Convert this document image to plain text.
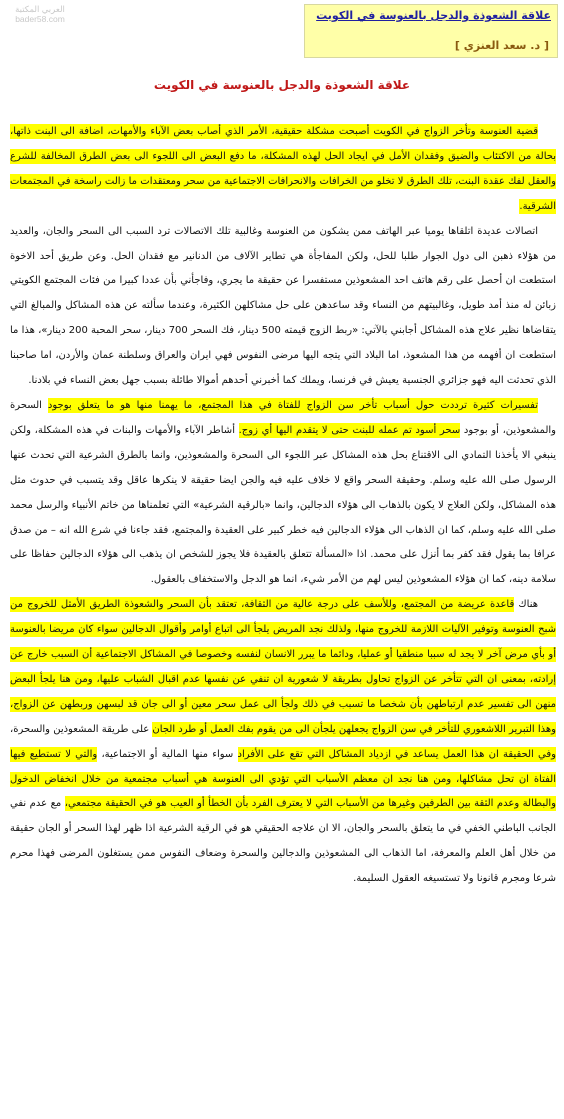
العربي المكتبة
bader58.com	علاقة الشعوذة والدجل بالعنوسة في الكويت
[ د. سعد العنزي ]
علاقة الشعوذة والدجل بالعنوسة في الكويت

قضية العنوسة وتأخر الزواج في الكويت أصبحت مشكلة حقيقية، الأمر الذي أصاب بعض الآباء والأمهات، اضافة الى البنت ذاتها، بحالة من الاكتئاب والضيق وفقدان الأمل في ايجاد الحل لهذه المشكلة، ما دفع البعض الى اللجوء الى بعض الطرق المخالفة للشرع والعقل لفك عقدة البنت، تلك الطرق لا تخلو من الخرافات والانحرافات الاجتماعية من سحر ومعتقدات ما زالت راسخة في المجتمعات الشرقية.

اتصالات عديدة اتلقاها يوميا عبر الهاتف ممن يشكون من العنوسة وغالبية تلك الاتصالات ترد السبب الى السحر والجان، والعديد من هؤلاء ذهبن الى دول الجوار طلبا للحل، ولكن المفاجأة هي تطاير الآلاف من الدنانير مع فقدان الحل. وعن طريق أحد الاخوة استطعت ان أحصل على رقم هاتف احد المشعوذين مستفسرا عن حقيقة ما يجري، وفاجأني بأن عددا كبيرا من فئات المجتمع الكويتي زبائن له منذ أمد طويل، وغالبيتهم من النساء وقد ساعدهن على حل مشاكلهن الكثيرة، وعندما سألته عن هذه المشاكل والمبالغ التي يتقاضاها نظير علاج هذه المشاكل أجابني بالآتي: «ربط الزوج قيمته 500 دينار، فك السحر 700 دينار، سحر المحبة 200 دينار»، هذا ما استطعت ان أفهمه من هذا المشعوذ، اما البلاد التي يتجه اليها مرضى النفوس فهي ايران والعراق وسلطنة عمان والأردن، اما صاحبنا الذي تحدثت اليه فهو جزائري الجنسية يعيش في فرنسا، ويملك كما أخبرني أحدهم أموالا طائلة بسبب جهل بعض النساء في بلادنا.

تفسيرات كثيرة ترددت حول أسباب تأخر سن الزواج للفتاة في هذا المجتمع، ما يهمنا منها هو ما يتعلق بوجود السحرة والمشعوذين، أو بوجود سحر أسود تم عمله للبنت حتى لا يتقدم اليها أي زوج. أشاطر الآباء والأمهات والبنات في هذه المشكلة، ولكن ينبغي الا يأخذنا التمادي الى الاقتناع بحل هذه المشاكل عبر اللجوء الى السحرة والمشعوذين، وانما بالطرق الشرعية التي تحدث عنها الرسول صلى الله عليه وسلم. وحقيقة السحر واقع لا خلاف عليه فيه والجن ايضا حقيقة لا ينكرها عاقل وقد يتسبب في حدوث مثل هذه المشاكل، ولكن العلاج لا يكون بالذهاب الى هؤلاء الدجالين، وانما «بالرقية الشرعية» التي تعلمناها من خاتم الأنبياء والرسل محمد صلى الله عليه وسلم، كما ان الذهاب الى هؤلاء الدجالين فيه خطر كبير على العقيدة والمجتمع، فقد جاءنا في شرع الله انه – من صدق عرافا بما يقول فقد كفر بما أنزل على محمد. اذا «المسألة تتعلق بالعقيدة فلا يجوز للشخص ان يذهب الى هؤلاء الدجالين حفاظا على سلامة دينه، كما ان هؤلاء المشعوذين ليس لهم من الأمر شيء، انما هو الدجل والاستخفاف بالعقول.

هناك قاعدة عريضة من المجتمع، وللأسف على درجة عالية من الثقافة، تعتقد بأن السحر والشعوذة الطريق الأمثل للخروج من شبح العنوسة وتوفير الآليات اللازمة للخروج منها، ولذلك نجد المريض يلجأ الى اتباع أوامر وأقوال الدجالين سواء كان مريضا بالعنوسة أو بأي مرض آخر لا يجد له سببا منطقيا أو عمليا، ودائما ما يبرر الانسان لنفسه وخصوصا في المشاكل الاجتماعية أن السبب خارج عن إرادته، بمعنى ان التي تتأخر عن الزواج تحاول بطريقة لا شعورية ان تنفي عن نفسها عدم اقبال الشباب عليها، ومن هنا يلجأ البعض منهن الى تفسير عدم ارتباطهن بأن شخصا ما تسبب في ذلك ولجأ الى عمل سحر معين أو الى جان قد لبسهن وربطهن عن الزواج، وهذا التبرير اللاشعوري للتأخر في سن الزواج يجعلهن يلجأن الى من يقوم بفك العمل أو طرد الجان على طريقة المشعوذين والسحرة، وفي الحقيقة ان هذا العمل يساعد في ازدياد المشاكل التي تقع على الأفراد سواء منها المالية أو الاجتماعية، والتي لا تستطيع فيها الفتاة ان تحل مشاكلها، ومن هنا نجد ان معظم الأسباب التي تؤدي الى العنوسة هي أسباب مجتمعية من خلال انخفاض الدخول والبطالة وعدم الثقة بين الطرفين وغيرها من الأسباب التي لا يعترف الفرد بأن الخطأ أو العيب هو في الحقيقة مجتمعي، مع عدم نفي الجانب الباطني الخفي في ما يتعلق بالسحر والجان، الا ان علاجه الحقيقي هو في الرقية الشرعية اذا ظهر لهذا السحر أو الجان حقيقة من خلال أهل العلم والمعرفة، اما الذهاب الى المشعوذين والدجالين والسحرة وضعاف النفوس ممن يستغلون المرضى فهذا محرم شرعا ومجرم قانونا ولا تستسيغه العقول السليمة.
